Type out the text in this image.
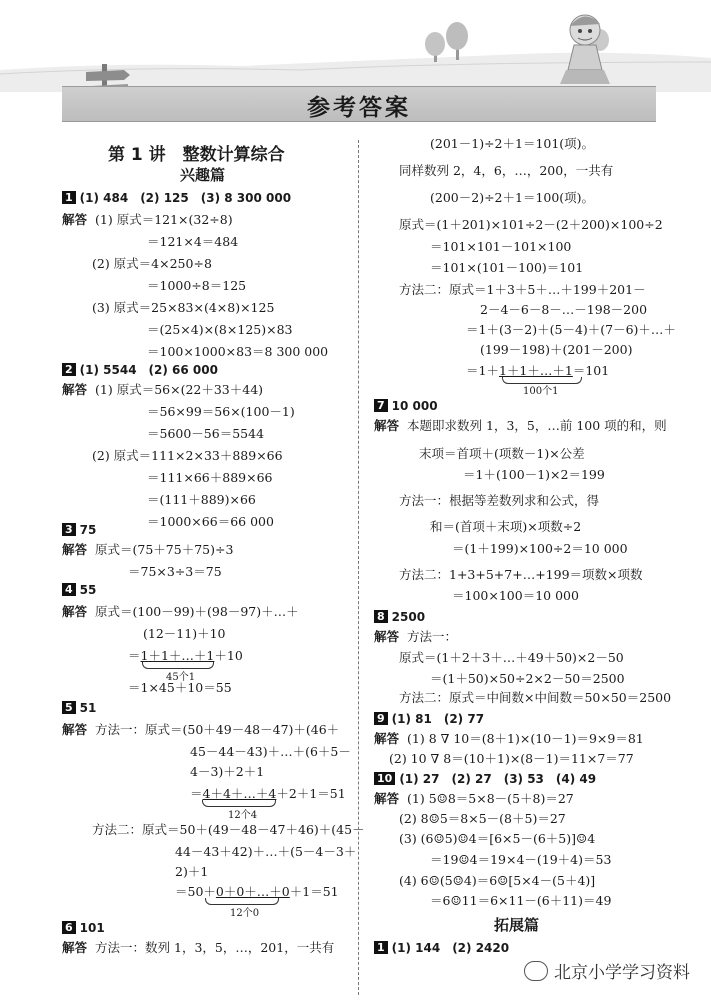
参考答案
第 1 讲　整数计算综合
兴趣篇
1 (1) 484　(2) 125　(3) 8 300 000
解答 (1) 原式＝121×(32÷8)
＝121×4＝484
(2) 原式＝4×250÷8
＝1000÷8＝125
(3) 原式＝25×83×(4×8)×125
＝(25×4)×(8×125)×83
＝100×1000×83＝8 300 000
2 (1) 5544　(2) 66 000
解答 (1) 原式＝56×(22＋33＋44)
＝56×99＝56×(100－1)
＝5600－56＝5544
(2) 原式＝111×2×33＋889×66
＝111×66＋889×66
＝(111＋889)×66
＝1000×66＝66 000
3 75
解答 原式＝(75＋75＋75)÷3
＝75×3÷3＝75
4 55
解答 原式＝(100－99)＋(98－97)＋…＋
(12－11)＋10
＝1＋1＋…＋1＋10
45个1
＝1×45＋10＝55
5 51
解答 方法一：原式＝(50＋49－48－47)＋(46＋
45－44－43)＋…＋(6＋5－
4－3)＋2＋1
＝4＋4＋…＋4＋2＋1＝51
12个4
方法二：原式＝50＋(49－48－47＋46)＋(45－
44－43＋42)＋…＋(5－4－3＋
2)＋1
＝50＋0＋0＋…＋0＋1＝51
12个0
6 101
解答 方法一：数列 1，3，5，…，201，一共有
(201－1)÷2＋1＝101(项)。
同样数列 2，4，6，…，200，一共有
(200－2)÷2＋1＝100(项)。
原式＝(1＋201)×101÷2－(2＋200)×100÷2
＝101×101－101×100
＝101×(101－100)＝101
方法二：原式＝1＋3＋5＋…＋199＋201－
2－4－6－8－…－198－200
＝1＋(3－2)＋(5－4)＋(7－6)＋…＋
(199－198)＋(201－200)
＝1＋1＋1＋…＋1＝101
100个1
7 10 000
解答 本题即求数列 1，3，5，…前 100 项的和，则
末项＝首项＋(项数－1)×公差
＝1＋(100－1)×2＝199
方法一：根据等差数列求和公式，得
和＝(首项＋末项)×项数÷2
＝(1＋199)×100÷2＝10 000
方法二：1+3+5+7+…+199＝项数×项数
＝100×100＝10 000
8 2500
解答 方法一：
原式＝(1＋2＋3＋…＋49＋50)×2－50
＝(1＋50)×50÷2×2－50＝2500
方法二：原式＝中间数×中间数＝50×50＝2500
9 (1) 81　(2) 77
解答 (1) 8 ∇ 10＝(8＋1)×(10－1)＝9×9＝81
(2) 10 ∇ 8＝(10＋1)×(8－1)＝11×7＝77
10 (1) 27　(2) 27　(3) 53　(4) 49
解答 (1) 5☺8＝5×8－(5＋8)＝27
(2) 8☺5＝8×5－(8＋5)＝27
(3) (6☺5)☺4＝[6×5－(6＋5)]☺4
＝19☺4＝19×4－(19＋4)＝53
(4) 6☺(5☺4)＝6☺[5×4－(5＋4)]
＝6☺11＝6×11－(6＋11)＝49
拓展篇
1 (1) 144　(2) 2420
北京小学学习资料
